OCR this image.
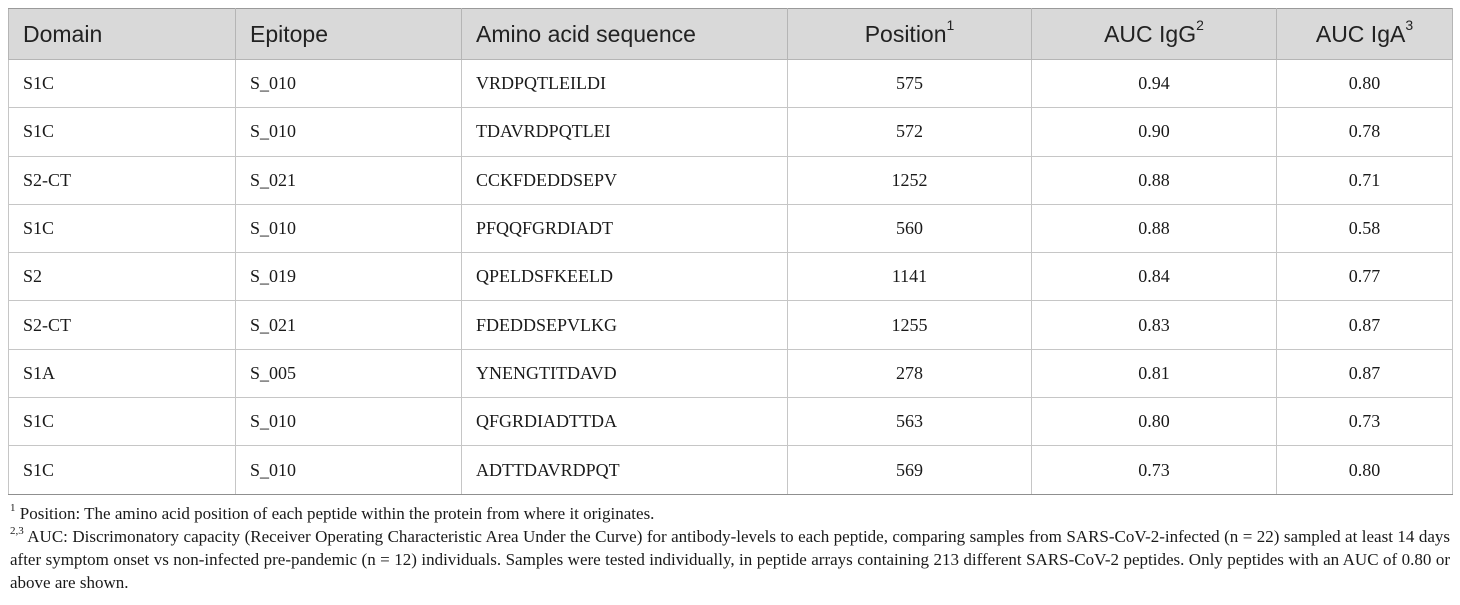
Domain	Epitope	Amino acid sequence	Position$^1$	AUC IgG$^2$	AUC IgA$^3$
S1C	S_010	VRDPQTLEILDI	575	0.94	0.80
S1C	S_010	TDAVRDPQTLEI	572	0.90	0.78
S2-CT	S_021	CCKFDEDDSEPV	1252	0.88	0.71
S1C	S_010	PFQQFGRDIADT	560	0.88	0.58
S2	S_019	QPELDSFKEELD	1141	0.84	0.77
S2-CT	S_021	FDEDDSEPVLKG	1255	0.83	0.87
S1A	S_005	YNENGTITDAVD	278	0.81	0.87
S1C	S_010	QFGRDIADTTDA	563	0.80	0.73
S1C	S_010	ADTTDAVRDPQT	569	0.73	0.80

$^1$ Position: The amino acid position of each peptide within the protein from where it originates.

$^{2,3}$ AUC: Discrimonatory capacity (Receiver Operating Characteristic Area Under the Curve) for antibody-levels to each peptide, comparing samples from SARS-CoV-2-infected (n = 22) sampled at least 14 days after symptom onset vs non-infected pre-pandemic (n = 12) individuals. Samples were tested individually, in peptide arrays containing 213 different SARS-CoV-2 peptides. Only peptides with an AUC of 0.80 or above are shown.
